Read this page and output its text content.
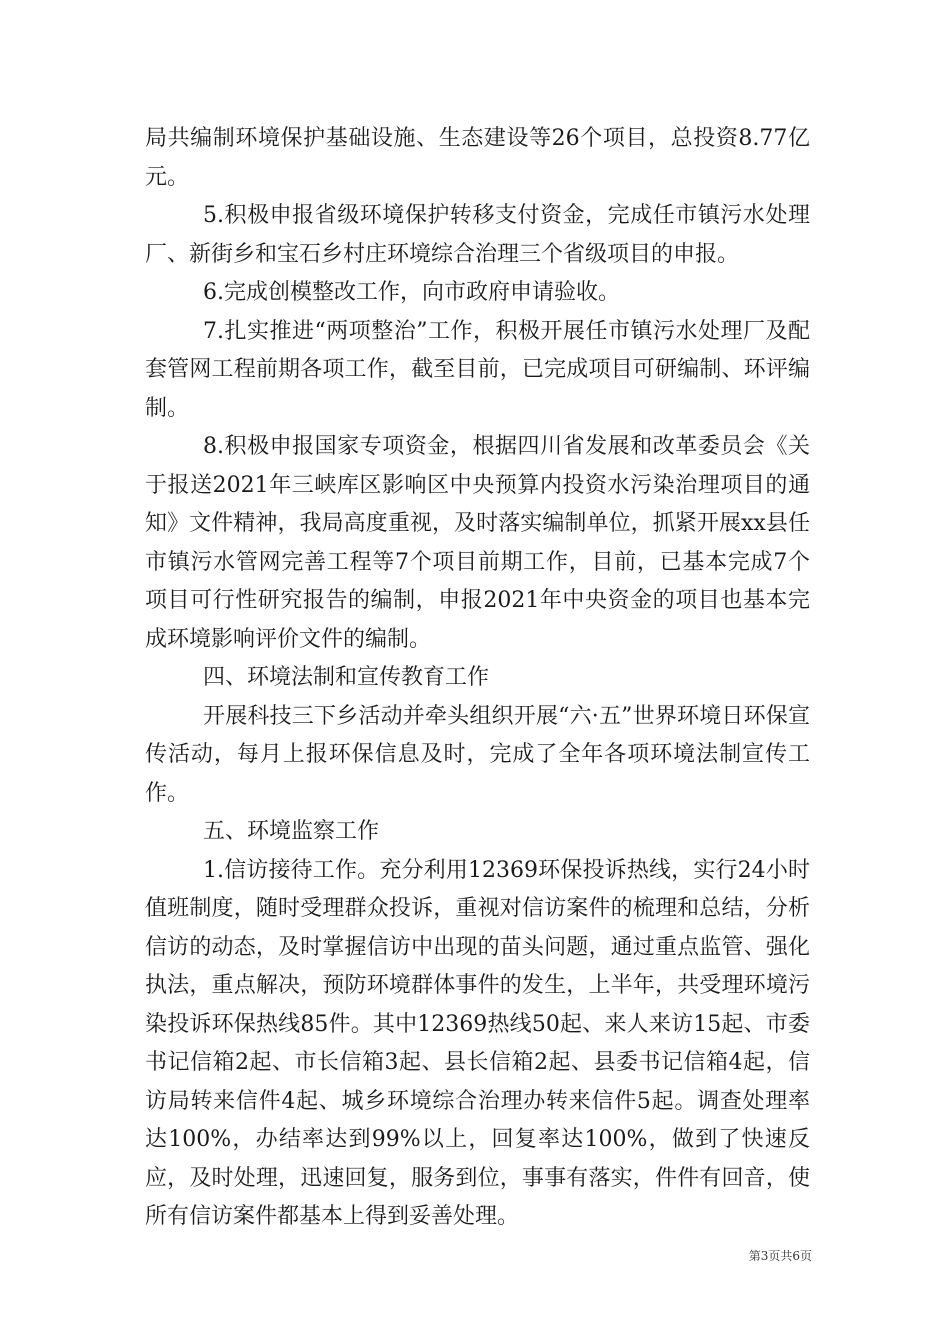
局共编制环境保护基础设施、生态建设等26个项目，总投资8.77亿元。

5.积极申报省级环境保护转移支付资金，完成任市镇污水处理厂、新街乡和宝石乡村庄环境综合治理三个省级项目的申报。

6.完成创模整改工作，向市政府申请验收。

7.扎实推进“两项整治”工作，积极开展任市镇污水处理厂及配套管网工程前期各项工作，截至目前，已完成项目可研编制、环评编制。

8.积极申报国家专项资金，根据四川省发展和改革委员会《关于报送2021年三峡库区影响区中央预算内投资水污染治理项目的通知》文件精神，我局高度重视，及时落实编制单位，抓紧开展xx县任市镇污水管网完善工程等7个项目前期工作，目前，已基本完成7个项目可行性研究报告的编制，申报2021年中央资金的项目也基本完成环境影响评价文件的编制。

四、环境法制和宣传教育工作

开展科技三下乡活动并牵头组织开展“六·五”世界环境日环保宣传活动，每月上报环保信息及时，完成了全年各项环境法制宣传工作。

五、环境监察工作

1.信访接待工作。充分利用12369环保投诉热线，实行24小时值班制度，随时受理群众投诉，重视对信访案件的梳理和总结，分析信访的动态，及时掌握信访中出现的苗头问题，通过重点监管、强化执法，重点解决，预防环境群体事件的发生，上半年，共受理环境污染投诉环保热线85件。其中12369热线50起、来人来访15起、市委书记信箱2起、市长信箱3起、县长信箱2起、县委书记信箱4起，信访局转来信件4起、城乡环境综合治理办转来信件5起。调查处理率达100%，办结率达到99%以上，回复率达100%，做到了快速反应，及时处理，迅速回复，服务到位，事事有落实，件件有回音，使所有信访案件都基本上得到妥善处理。

第3页共6页
